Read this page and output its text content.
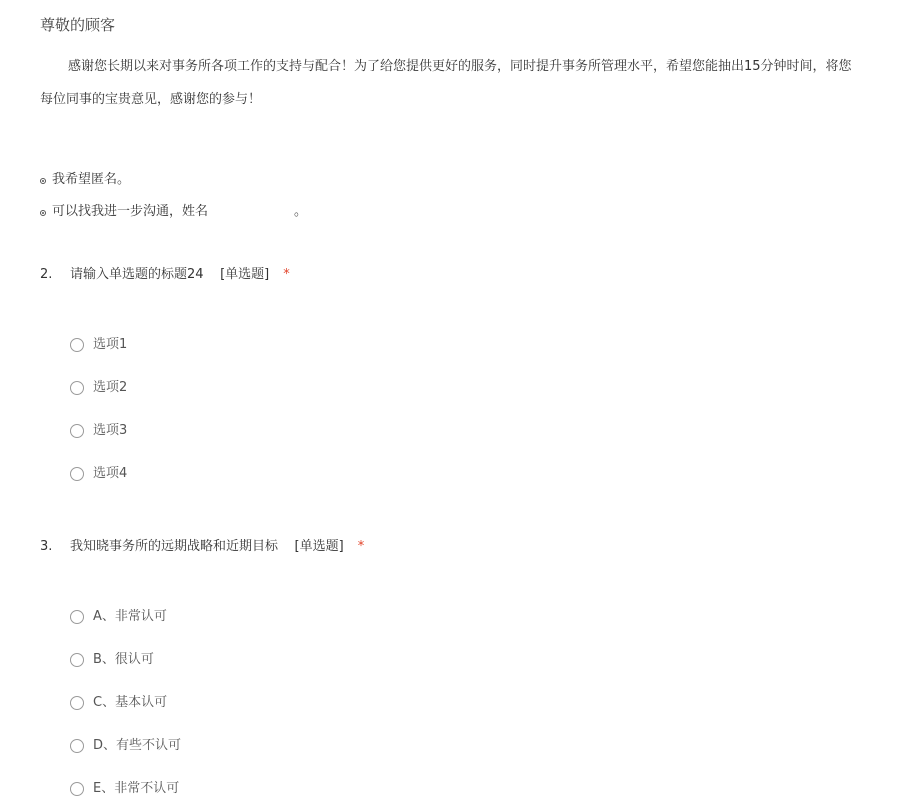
尊敬的顾客
感谢您长期以来对事务所各项工作的支持与配合！为了给您提供更好的服务，同时提升事务所管理水平，希望您能抽出15分钟时间，将您
每位同事的宝贵意见，感谢您的参与！
我希望匿名。
可以找我进一步沟通，姓名	。
2. 请输入单选题的标题24 [单选题] *
选项1
选项2
选项3
选项4
3. 我知晓事务所的远期战略和近期目标 [单选题] *
A、非常认可
B、很认可
C、基本认可
D、有些不认可
E、非常不认可
